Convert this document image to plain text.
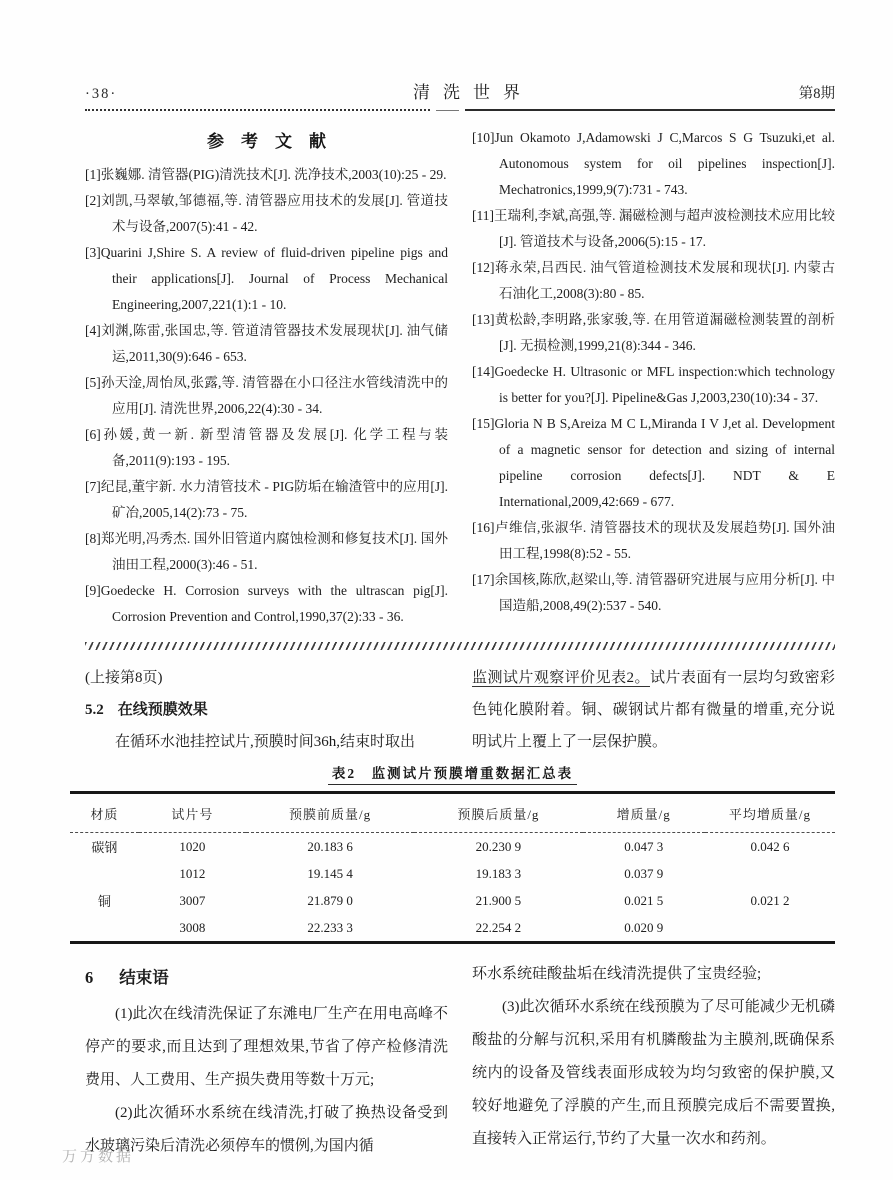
·38·	清洗世界	第8期

参考文献

[1]张巍娜. 清管器(PIG)清洗技术[J]. 洗净技术,2003(10):25 - 29.

[2]刘凯,马翠敏,邹德福,等. 清管器应用技术的发展[J]. 管道技术与设备,2007(5):41 - 42.

[3]Quarini J,Shire S. A review of fluid-driven pipeline pigs and their applications[J]. Journal of Process Mechanical Engineering,2007,221(1):1 - 10.

[4]刘渊,陈雷,张国忠,等. 管道清管器技术发展现状[J]. 油气储运,2011,30(9):646 - 653.

[5]孙天淦,周怡凤,张露,等. 清管器在小口径注水管线清洗中的应用[J]. 清洗世界,2006,22(4):30 - 34.

[6]孙媛,黄一新. 新型清管器及发展[J]. 化学工程与装备,2011(9):193 - 195.

[7]纪昆,董宇新. 水力清管技术 - PIG防垢在输渣管中的应用[J]. 矿冶,2005,14(2):73 - 75.

[8]郑光明,冯秀杰. 国外旧管道内腐蚀检测和修复技术[J]. 国外油田工程,2000(3):46 - 51.

[9]Goedecke H. Corrosion surveys with the ultrascan pig[J]. Corrosion Prevention and Control,1990,37(2):33 - 36.

[10]Jun Okamoto J,Adamowski J C,Marcos S G Tsuzuki,et al. Autonomous system for oil pipelines inspection[J]. Mechatronics,1999,9(7):731 - 743.

[11]王瑞利,李斌,高强,等. 漏磁检测与超声波检测技术应用比较[J]. 管道技术与设备,2006(5):15 - 17.

[12]蒋永荣,吕西民. 油气管道检测技术发展和现状[J]. 内蒙古石油化工,2008(3):80 - 85.

[13]黄松龄,李明路,张家骏,等. 在用管道漏磁检测装置的剖析[J]. 无损检测,1999,21(8):344 - 346.

[14]Goedecke H. Ultrasonic or MFL inspection:which technology is better for you?[J]. Pipeline&Gas J,2003,230(10):34 - 37.

[15]Gloria N B S,Areiza M C L,Miranda I V J,et al. Development of a magnetic sensor for detection and sizing of internal pipeline corrosion defects[J]. NDT & E International,2009,42:669 - 677.

[16]卢维信,张淑华. 清管器技术的现状及发展趋势[J]. 国外油田工程,1998(8):52 - 55.

[17]余国核,陈欣,赵梁山,等. 清管器研究进展与应用分析[J]. 中国造船,2008,49(2):537 - 540.

(上接第8页)

5.2 在线预膜效果

在循环水池挂控试片,预膜时间36h,结束时取出

监测试片观察评价见表2。试片表面有一层均匀致密彩色钝化膜附着。铜、碳钢试片都有微量的增重,充分说明试片上覆上了一层保护膜。

表2　监测试片预膜增重数据汇总表
材质	试片号	预膜前质量/g	预膜后质量/g	增质量/g	平均增质量/g
碳钢	1020	20.183 6	20.230 9	0.047 3	0.042 6
	1012	19.145 4	19.183 3	0.037 9	
铜	3007	21.879 0	21.900 5	0.021 5	0.021 2
	3008	22.233 3	22.254 2	0.020 9	

6 结束语

(1)此次在线清洗保证了东滩电厂生产在用电高峰不停产的要求,而且达到了理想效果,节省了停产检修清洗费用、人工费用、生产损失费用等数十万元;

(2)此次循环水系统在线清洗,打破了换热设备受到水玻璃污染后清洗必须停车的惯例,为国内循

环水系统硅酸盐垢在线清洗提供了宝贵经验;

(3)此次循环水系统在线预膜为了尽可能减少无机磷酸盐的分解与沉积,采用有机膦酸盐为主膜剂,既确保系统内的设备及管线表面形成较为均匀致密的保护膜,又较好地避免了浮膜的产生,而且预膜完成后不需要置换,直接转入正常运行,节约了大量一次水和药剂。

万方数据
